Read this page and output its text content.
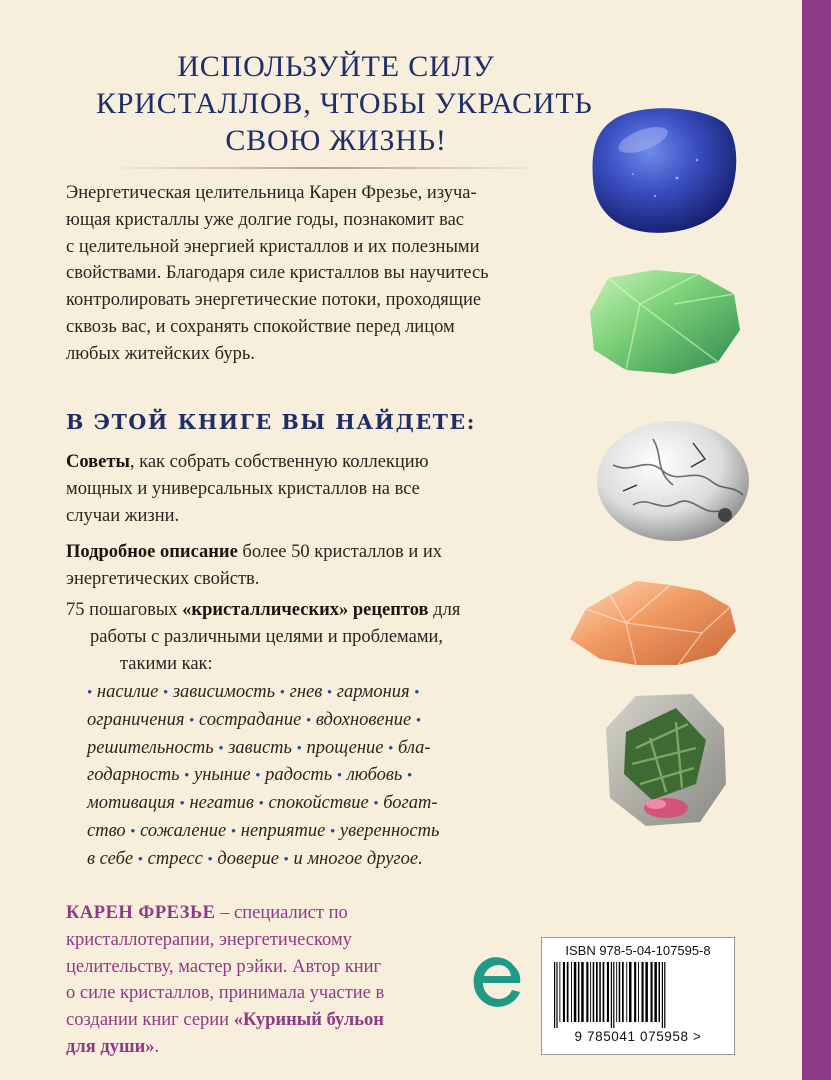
ИСПОЛЬЗУЙТЕ СИЛУ
КРИСТАЛЛОВ, ЧТОБЫ УКРАСИТЬ
СВОЮ ЖИЗНЬ!
Энергетическая целительница Карен Фрезье, изуча-
ющая кристаллы уже долгие годы, познакомит вас
с целительной энергией кристаллов и их полезными
свойствами. Благодаря силе кристаллов вы научитесь
контролировать энергетические потоки, проходящие
сквозь вас, и сохранять спокойствие перед лицом
любых житейских бурь.
В ЭТОЙ КНИГЕ ВЫ НАЙДЕТЕ:
Советы, как собрать собственную коллекцию
мощных и универсальных кристаллов на все
случаи жизни.
Подробное описание более 50 кристаллов и их
энергетических свойств.
75 пошаговых «кристаллических» рецептов для
работы с различными целями и проблемами,
такими как:
• насилие • зависимость • гнев • гармония •
ограничения • сострадание • вдохновение •
решительность • зависть • прощение • бла-
годарность • уныние • радость • любовь •
мотивация • негатив • спокойствие • богат-
ство • сожаление • неприятие • уверенность
в себе • стресс • доверие • и многое другое.
КАРЕН ФРЕЗЬЕ – специалист по
кристаллотерапии, энергетическому
целительству, мастер рэйки. Автор книг
о силе кристаллов, принимала участие в
создании книг серии «Куриный бульон
для души».
ISBN 978-5-04-107595-8
9 785041 075958 >
